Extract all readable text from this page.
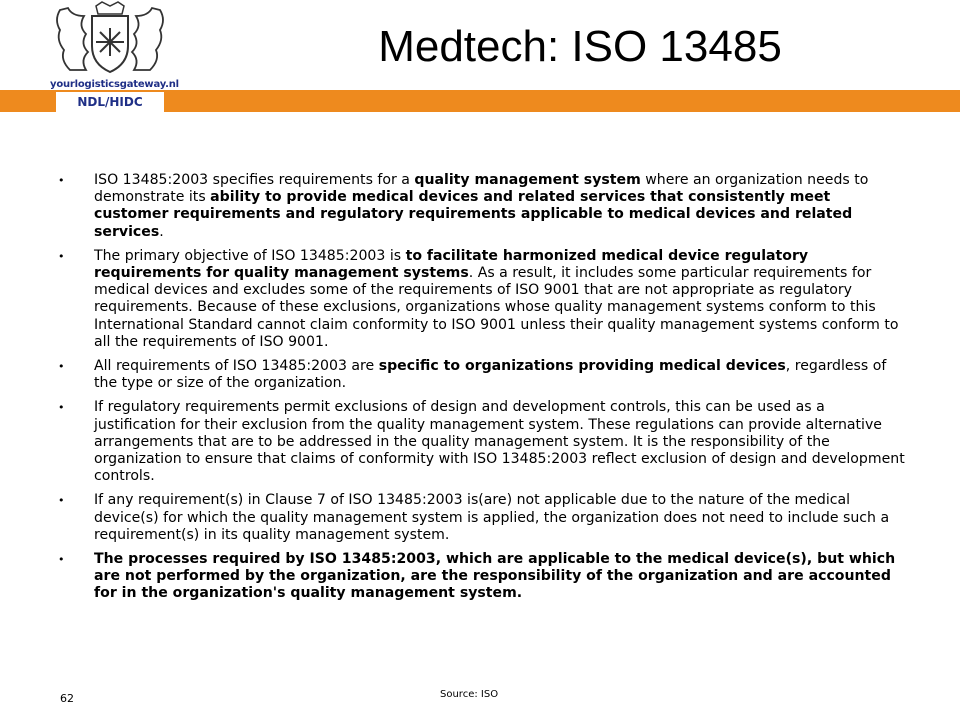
yourlogisticsgateway.nl
NDL/HIDC
Medtech: ISO 13485
• ISO 13485:2003 specifies requirements for a quality management system where an organization needs to demonstrate its ability to provide medical devices and related services that consistently meet customer requirements and regulatory requirements applicable to medical devices and related services.
• The primary objective of ISO 13485:2003 is to facilitate harmonized medical device regulatory requirements for quality management systems. As a result, it includes some particular requirements for medical devices and excludes some of the requirements of ISO 9001 that are not appropriate as regulatory requirements. Because of these exclusions, organizations whose quality management systems conform to this International Standard cannot claim conformity to ISO 9001 unless their quality management systems conform to all the requirements of ISO 9001.
• All requirements of ISO 13485:2003 are specific to organizations providing medical devices, regardless of the type or size of the organization.
• If regulatory requirements permit exclusions of design and development controls, this can be used as a justification for their exclusion from the quality management system. These regulations can provide alternative arrangements that are to be addressed in the quality management system. It is the responsibility of the organization to ensure that claims of conformity with ISO 13485:2003 reflect exclusion of design and development controls.
• If any requirement(s) in Clause 7 of ISO 13485:2003 is(are) not applicable due to the nature of the medical device(s) for which the quality management system is applied, the organization does not need to include such a requirement(s) in its quality management system.
• The processes required by ISO 13485:2003, which are applicable to the medical device(s), but which are not performed by the organization, are the responsibility of the organization and are accounted for in the organization's quality management system.
62	Source: ISO
